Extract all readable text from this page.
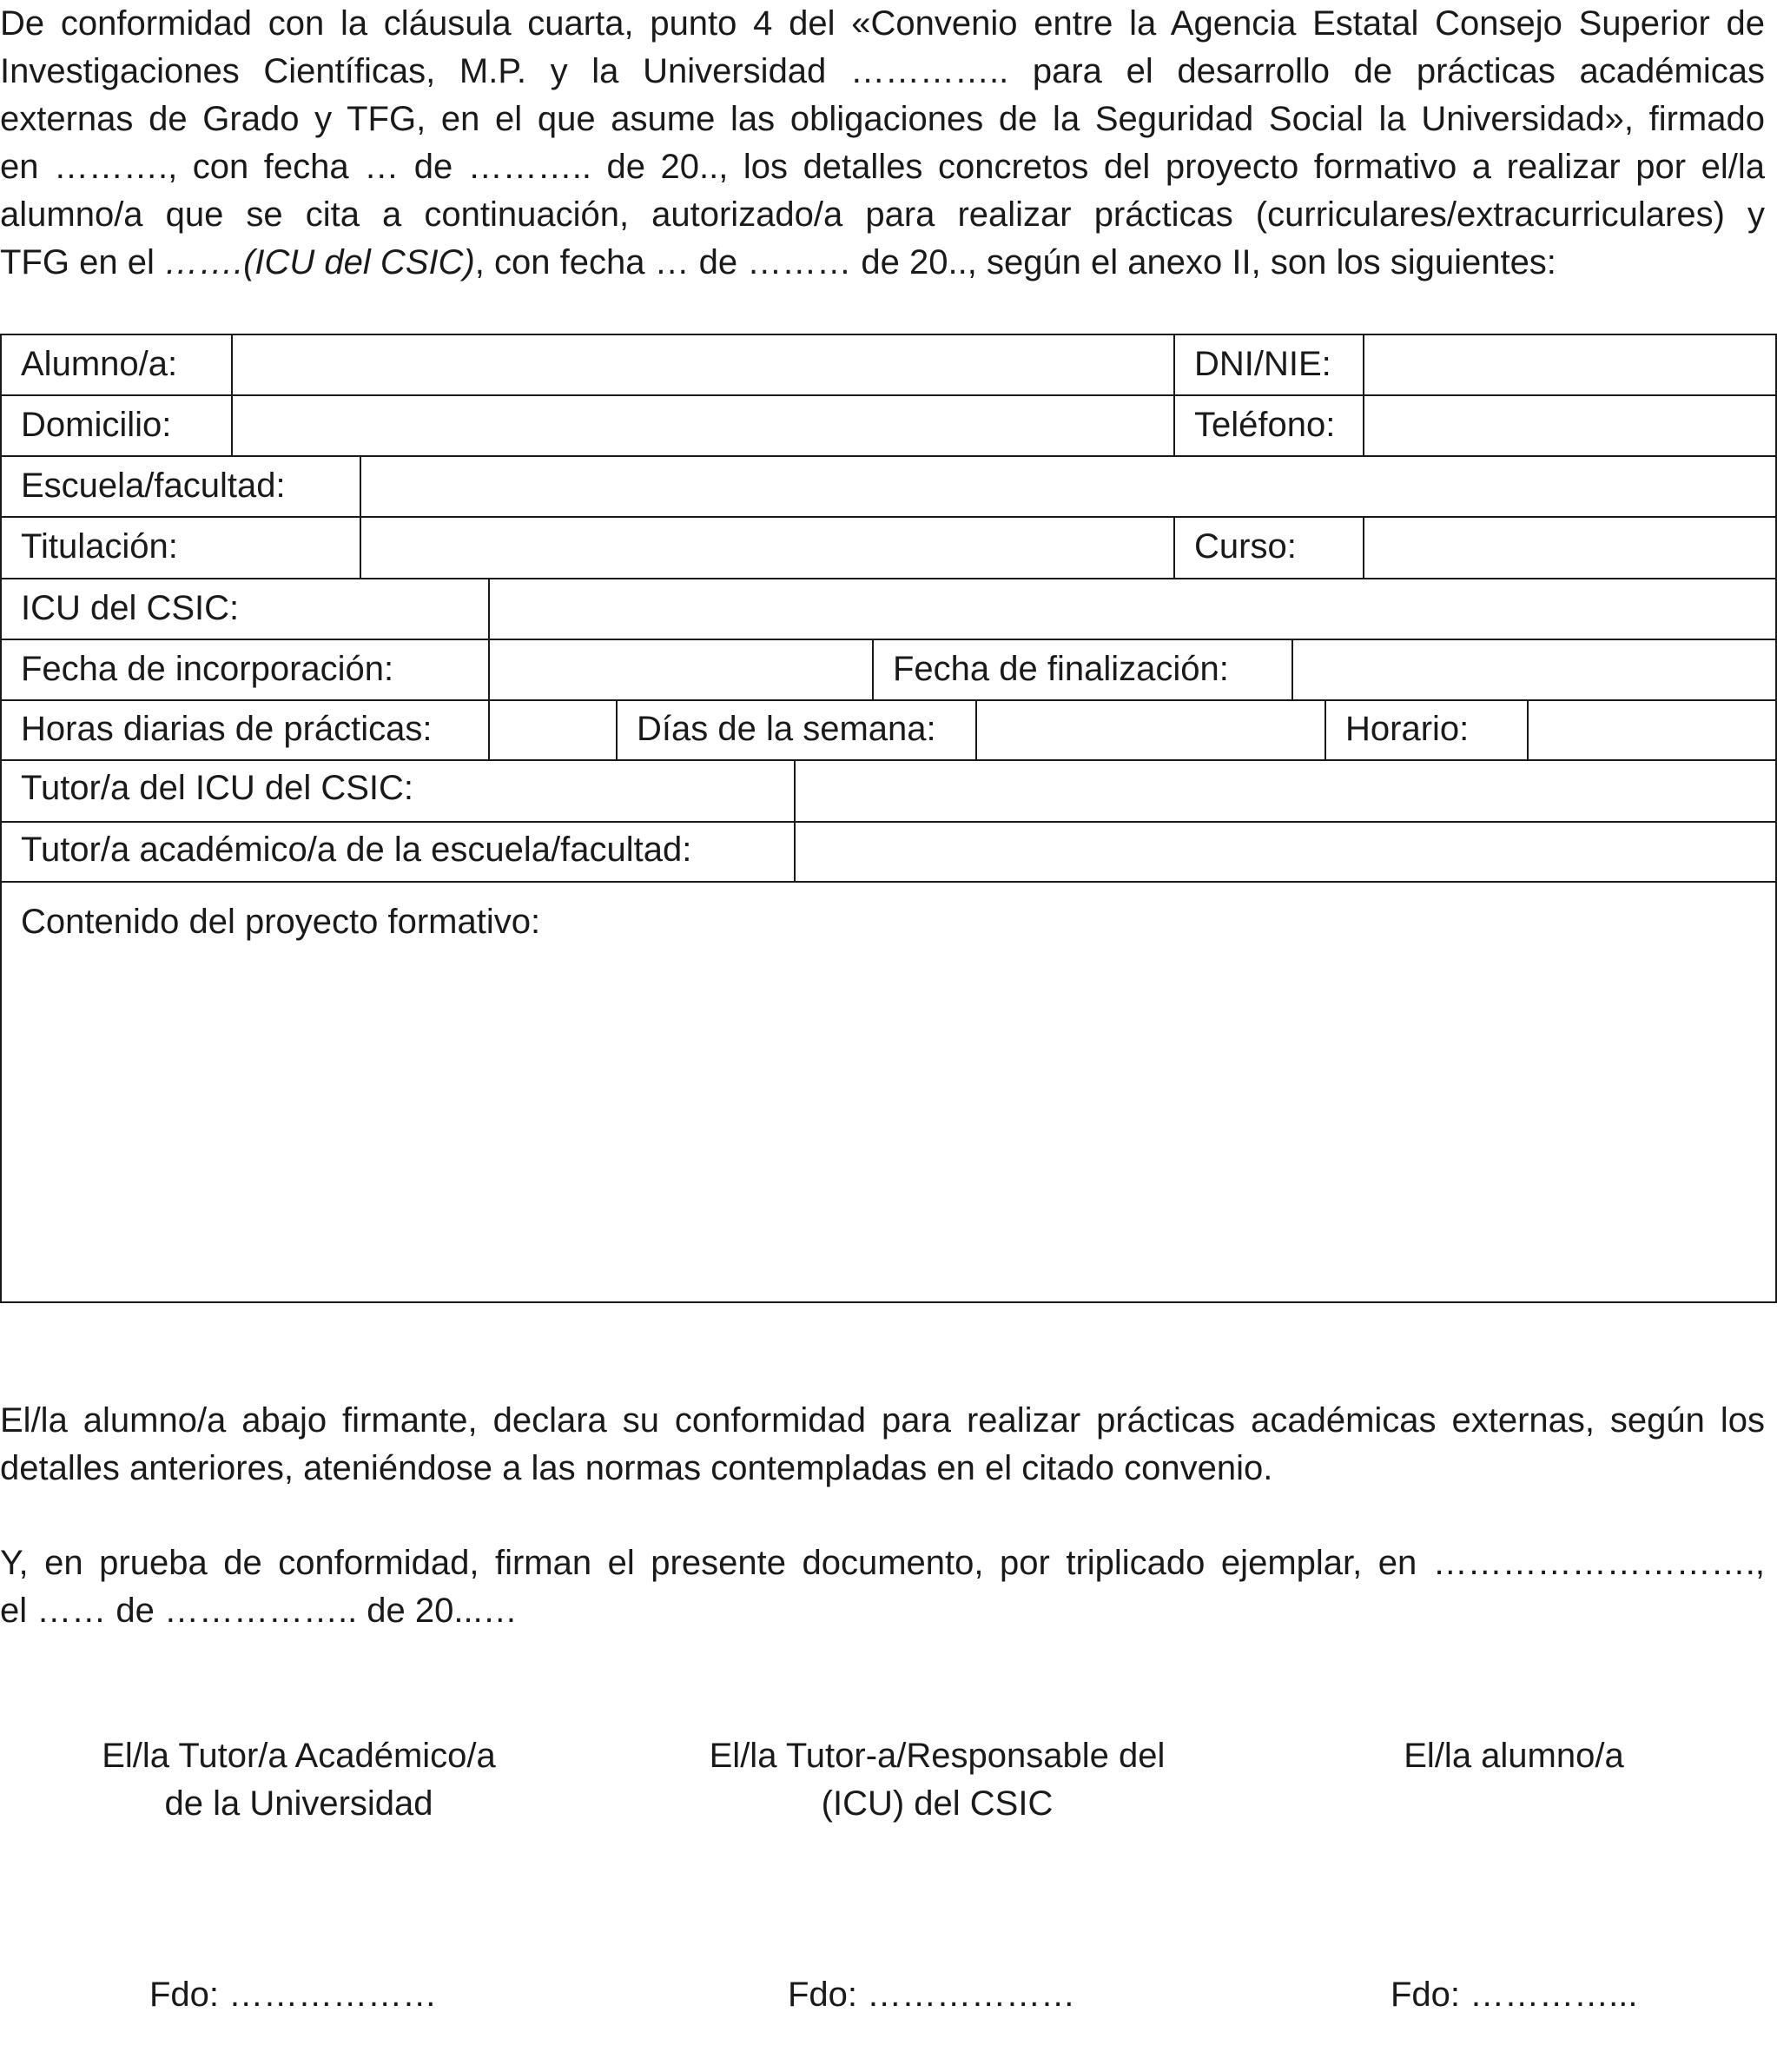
De conformidad con la cláusula cuarta, punto 4 del «Convenio entre la Agencia Estatal Consejo Superior de
Investigaciones Científicas, M.P. y la Universidad ………….. para el desarrollo de prácticas académicas
externas de Grado y TFG, en el que asume las obligaciones de la Seguridad Social la Universidad», firmado
en ………., con fecha … de ……….. de 20.., los detalles concretos del proyecto formativo a realizar por el/la
alumno/a que se cita a continuación, autorizado/a para realizar prácticas (curriculares/extracurriculares) y
TFG en el …….(ICU del CSIC), con fecha … de ……… de 20.., según el anexo II, son los siguientes:
Alumno/a:	DNI/NIE:
Domicilio:	Teléfono:
Escuela/facultad:
Titulación:	Curso:
ICU del CSIC:
Fecha de incorporación:	Fecha de finalización:
Horas diarias de prácticas:	Días de la semana:	Horario:
Tutor/a del ICU del CSIC:
Tutor/a académico/a de la escuela/facultad:
Contenido del proyecto formativo:
El/la alumno/a abajo firmante, declara su conformidad para realizar prácticas académicas externas, según los
detalles anteriores, ateniéndose a las normas contempladas en el citado convenio.
Y, en prueba de conformidad, firman el presente documento, por triplicado ejemplar, en ……………………….,
el …… de …………….. de 20...…
El/la Tutor/a Académico/a
de la Universidad
El/la Tutor-a/Responsable del
(ICU) del CSIC
El/la alumno/a
Fdo: ………………	Fdo: ………………	Fdo: …………...
